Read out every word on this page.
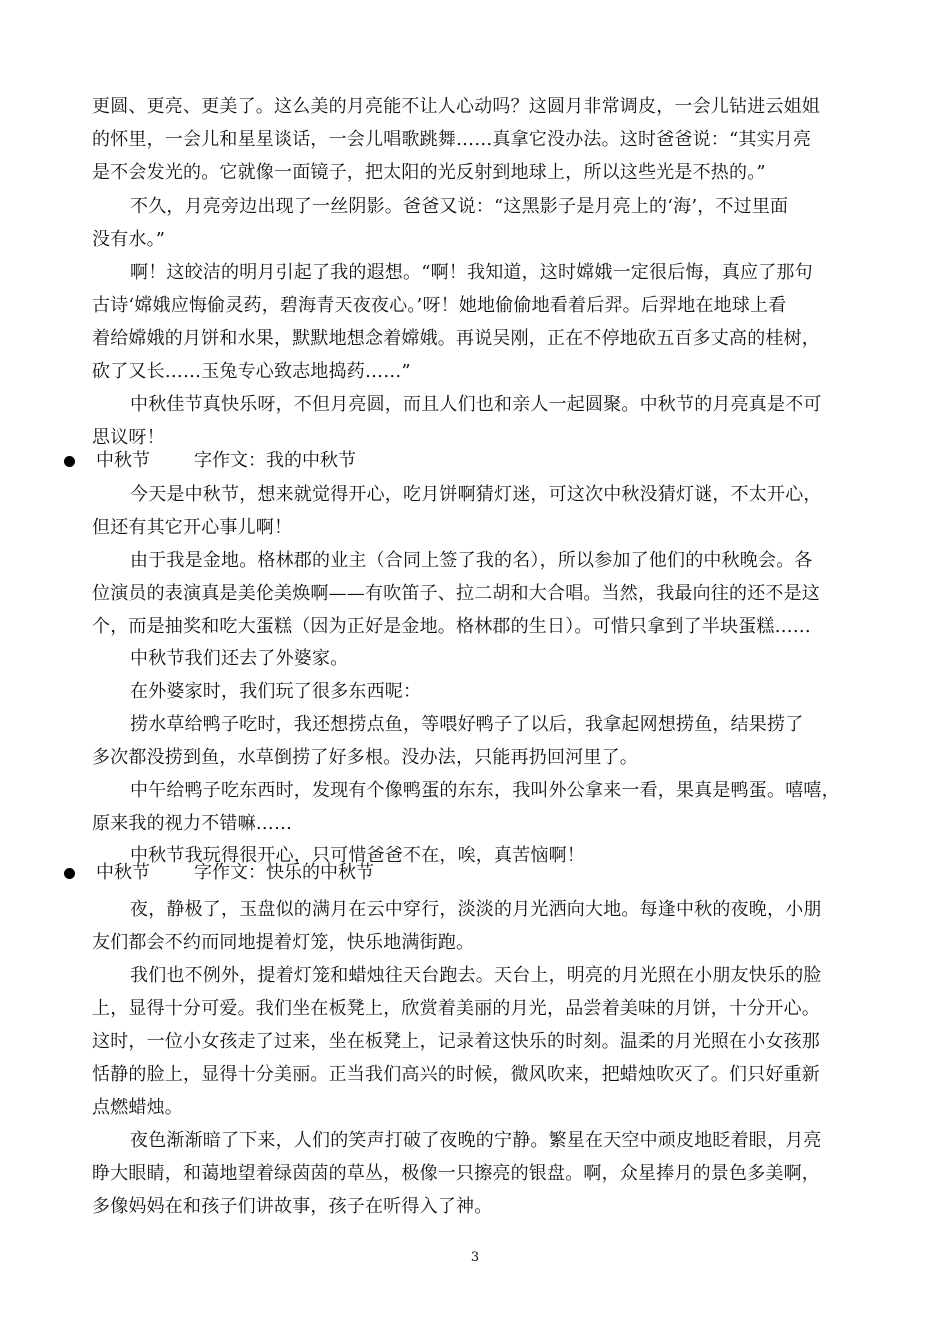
更圆、更亮、更美了。这么美的月亮能不让人心动吗？这圆月非常调皮，一会儿钻进云姐姐
的怀里，一会儿和星星谈话，一会儿唱歌跳舞……真拿它没办法。这时爸爸说：“其实月亮
是不会发光的。它就像一面镜子，把太阳的光反射到地球上，所以这些光是不热的。”
不久，月亮旁边出现了一丝阴影。爸爸又说：“这黑影子是月亮上的‘海’，不过里面
没有水。”
啊！这皎洁的明月引起了我的遐想。“啊！我知道，这时嫦娥一定很后悔，真应了那句
古诗‘嫦娥应悔偷灵药，碧海青天夜夜心。’呀！她地偷偷地看着后羿。后羿地在地球上看
着给嫦娥的月饼和水果，默默地想念着嫦娥。再说吴刚，正在不停地砍五百多丈高的桂树，
砍了又长……玉兔专心致志地捣药……”
中秋佳节真快乐呀，不但月亮圆，而且人们也和亲人一起圆聚。中秋节的月亮真是不可
思议呀！
中秋节 字作文：我的中秋节
今天是中秋节，想来就觉得开心，吃月饼啊猜灯迷，可这次中秋没猜灯谜，不太开心，
但还有其它开心事儿啊！
由于我是金地。格林郡的业主（合同上签了我的名），所以参加了他们的中秋晚会。各
位演员的表演真是美伦美焕啊——有吹笛子、拉二胡和大合唱。当然，我最向往的还不是这
个，而是抽奖和吃大蛋糕（因为正好是金地。格林郡的生日）。可惜只拿到了半块蛋糕……
中秋节我们还去了外婆家。
在外婆家时，我们玩了很多东西呢：
捞水草给鸭子吃时，我还想捞点鱼，等喂好鸭子了以后，我拿起网想捞鱼，结果捞了
多次都没捞到鱼，水草倒捞了好多根。没办法，只能再扔回河里了。
中午给鸭子吃东西时，发现有个像鸭蛋的东东，我叫外公拿来一看，果真是鸭蛋。嘻嘻，
原来我的视力不错嘛……
中秋节我玩得很开心，只可惜爸爸不在，唉，真苦恼啊！
中秋节 字作文：快乐的中秋节
夜，静极了，玉盘似的满月在云中穿行，淡淡的月光洒向大地。每逢中秋的夜晚，小朋
友们都会不约而同地提着灯笼，快乐地满街跑。
我们也不例外，提着灯笼和蜡烛往天台跑去。天台上，明亮的月光照在小朋友快乐的脸
上，显得十分可爱。我们坐在板凳上，欣赏着美丽的月光，品尝着美味的月饼，十分开心。
这时，一位小女孩走了过来，坐在板凳上，记录着这快乐的时刻。温柔的月光照在小女孩那
恬静的脸上，显得十分美丽。正当我们高兴的时候，微风吹来，把蜡烛吹灭了。们只好重新
点燃蜡烛。
夜色渐渐暗了下来，人们的笑声打破了夜晚的宁静。繁星在天空中顽皮地眨着眼，月亮
睁大眼睛，和蔼地望着绿茵茵的草丛，极像一只擦亮的银盘。啊，众星捧月的景色多美啊，
多像妈妈在和孩子们讲故事，孩子在听得入了神。
3
